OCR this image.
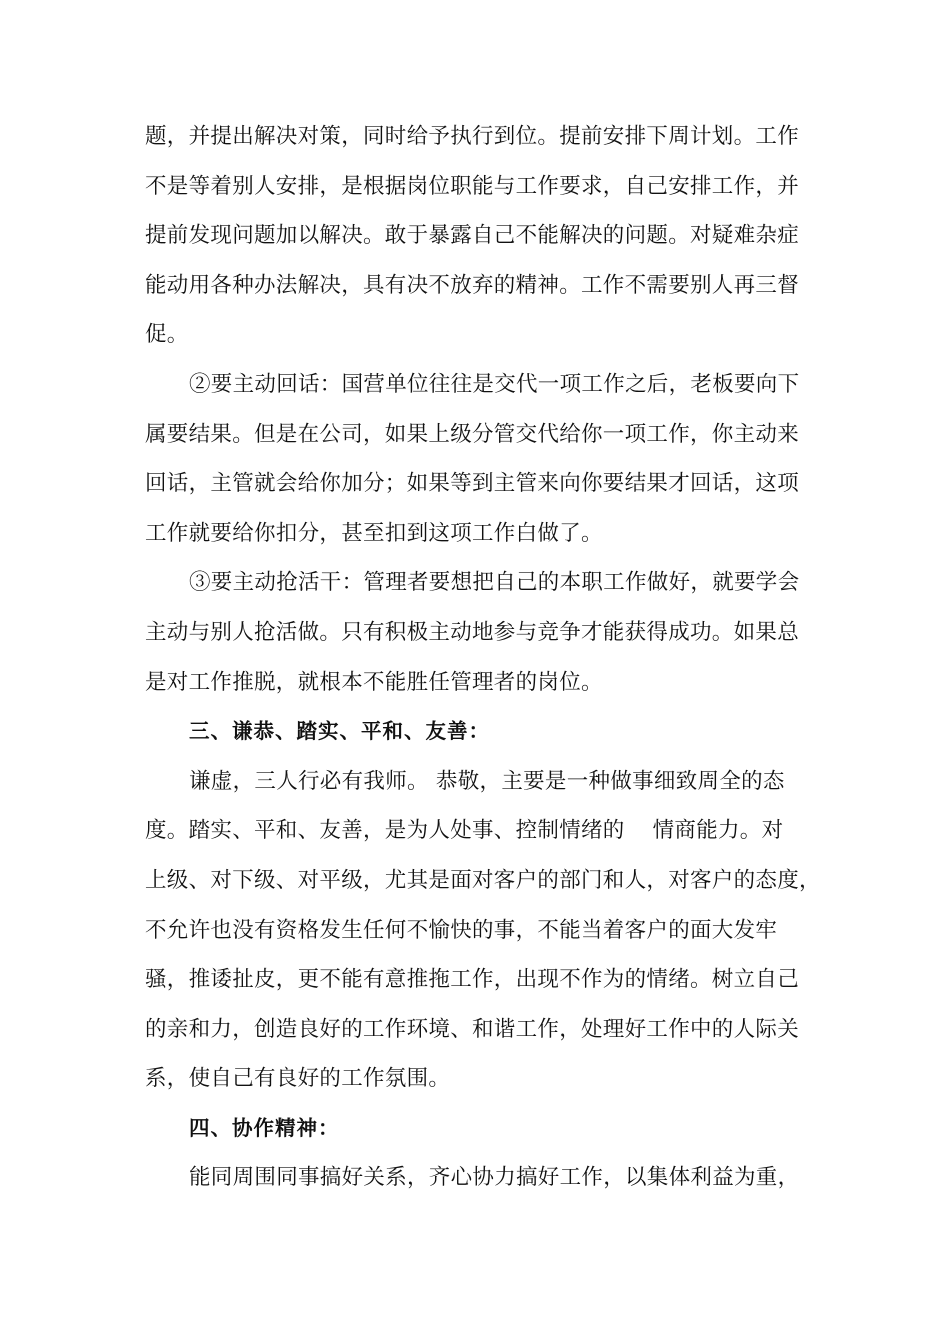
题，并提出解决对策，同时给予执行到位。提前安排下周计划。工作
不是等着别人安排，是根据岗位职能与工作要求，自己安排工作，并
提前发现问题加以解决。敢于暴露自己不能解决的问题。对疑难杂症
能动用各种办法解决，具有决不放弃的精神。工作不需要别人再三督
促。
②要主动回话：国营单位往往是交代一项工作之后，老板要向下
属要结果。但是在公司，如果上级分管交代给你一项工作，你主动来
回话，主管就会给你加分；如果等到主管来向你要结果才回话，这项
工作就要给你扣分，甚至扣到这项工作白做了。
③要主动抢活干：管理者要想把自己的本职工作做好，就要学会
主动与别人抢活做。只有积极主动地参与竞争才能获得成功。如果总
是对工作推脱，就根本不能胜任管理者的岗位。
三、谦恭、踏实、平和、友善：
谦虚，三人行必有我师。 恭敬，主要是一种做事细致周全的态
度。踏实、平和、友善，是为人处事、控制情绪的 情商能力。对
上级、对下级、对平级，尤其是面对客户的部门和人，对客户的态度，
不允许也没有资格发生任何不愉快的事，不能当着客户的面大发牢
骚，推诿扯皮，更不能有意推拖工作，出现不作为的情绪。树立自己
的亲和力，创造良好的工作环境、和谐工作，处理好工作中的人际关
系，使自己有良好的工作氛围。
四、协作精神：
能同周围同事搞好关系，齐心协力搞好工作，以集体利益为重，
